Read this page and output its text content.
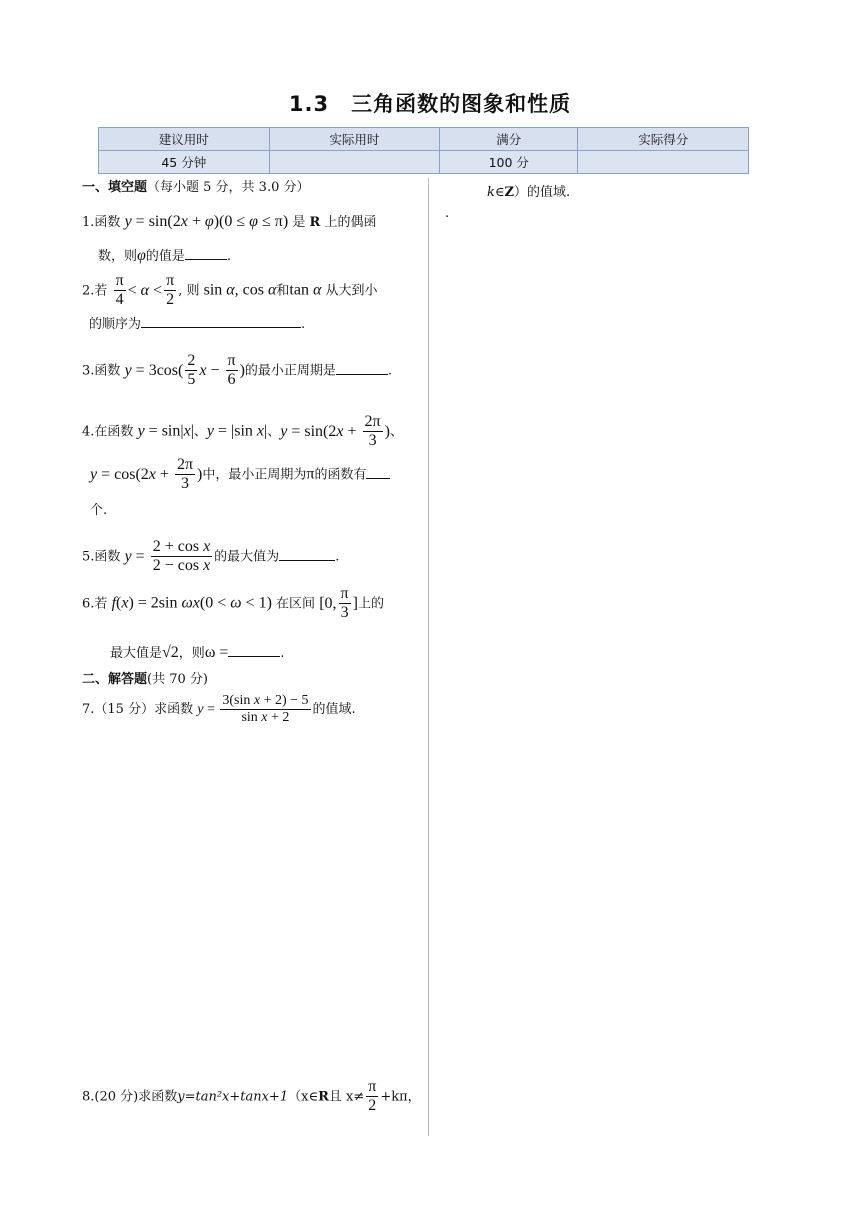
1.3　三角函数的图象和性质
建议用时	实际用时	满分	实际得分
45 分钟		100 分	
一、填空题（每小题 5 分，共 3.0 分）
1.函数 y = sin(2x + φ)(0 ≤ φ ≤ π) 是 R 上的偶函
数，则φ的值是	.
2.若 $\frac{\pi}{4} < \alpha < \frac{\pi}{2}$ , 则 sin α, cos α和tan α 从大到小
的顺序为	.
3.函数 $y = 3\cos( \frac{2}{5}$ $x - \frac{\pi}{6}$ )的最小正周期是	.
4.在函数 y = sin|x|、y = |sin x|、$y = \sin(2x + \frac{2\pi}{3}$ )、
$y = \cos(2x + \frac{2\pi}{3}$ )中，最小正周期为π的函数有
个.
5.函数 $y = \frac{\text{2 + cos x}}{\text{2 − cos x}}$ 的最大值为	.
6.若 f(x) = 2sin ωx(0 < ω < 1) 在区间 [0, $\frac{\pi}{3}$ ]上的
最大值是√2，则ω =	.
二、解答题(共 70 分)
7.（15 分）求函数 $y = \frac{\text{3(sin x + 2) − 5}}{\text{sin x + 2}}$ 的值域.
8.(20 分)求函数y=tan²x+tanx+1（x∈R且 $x\ne \frac{\pi}{2} +k\pi$，
k∈Z）的值域.
.
